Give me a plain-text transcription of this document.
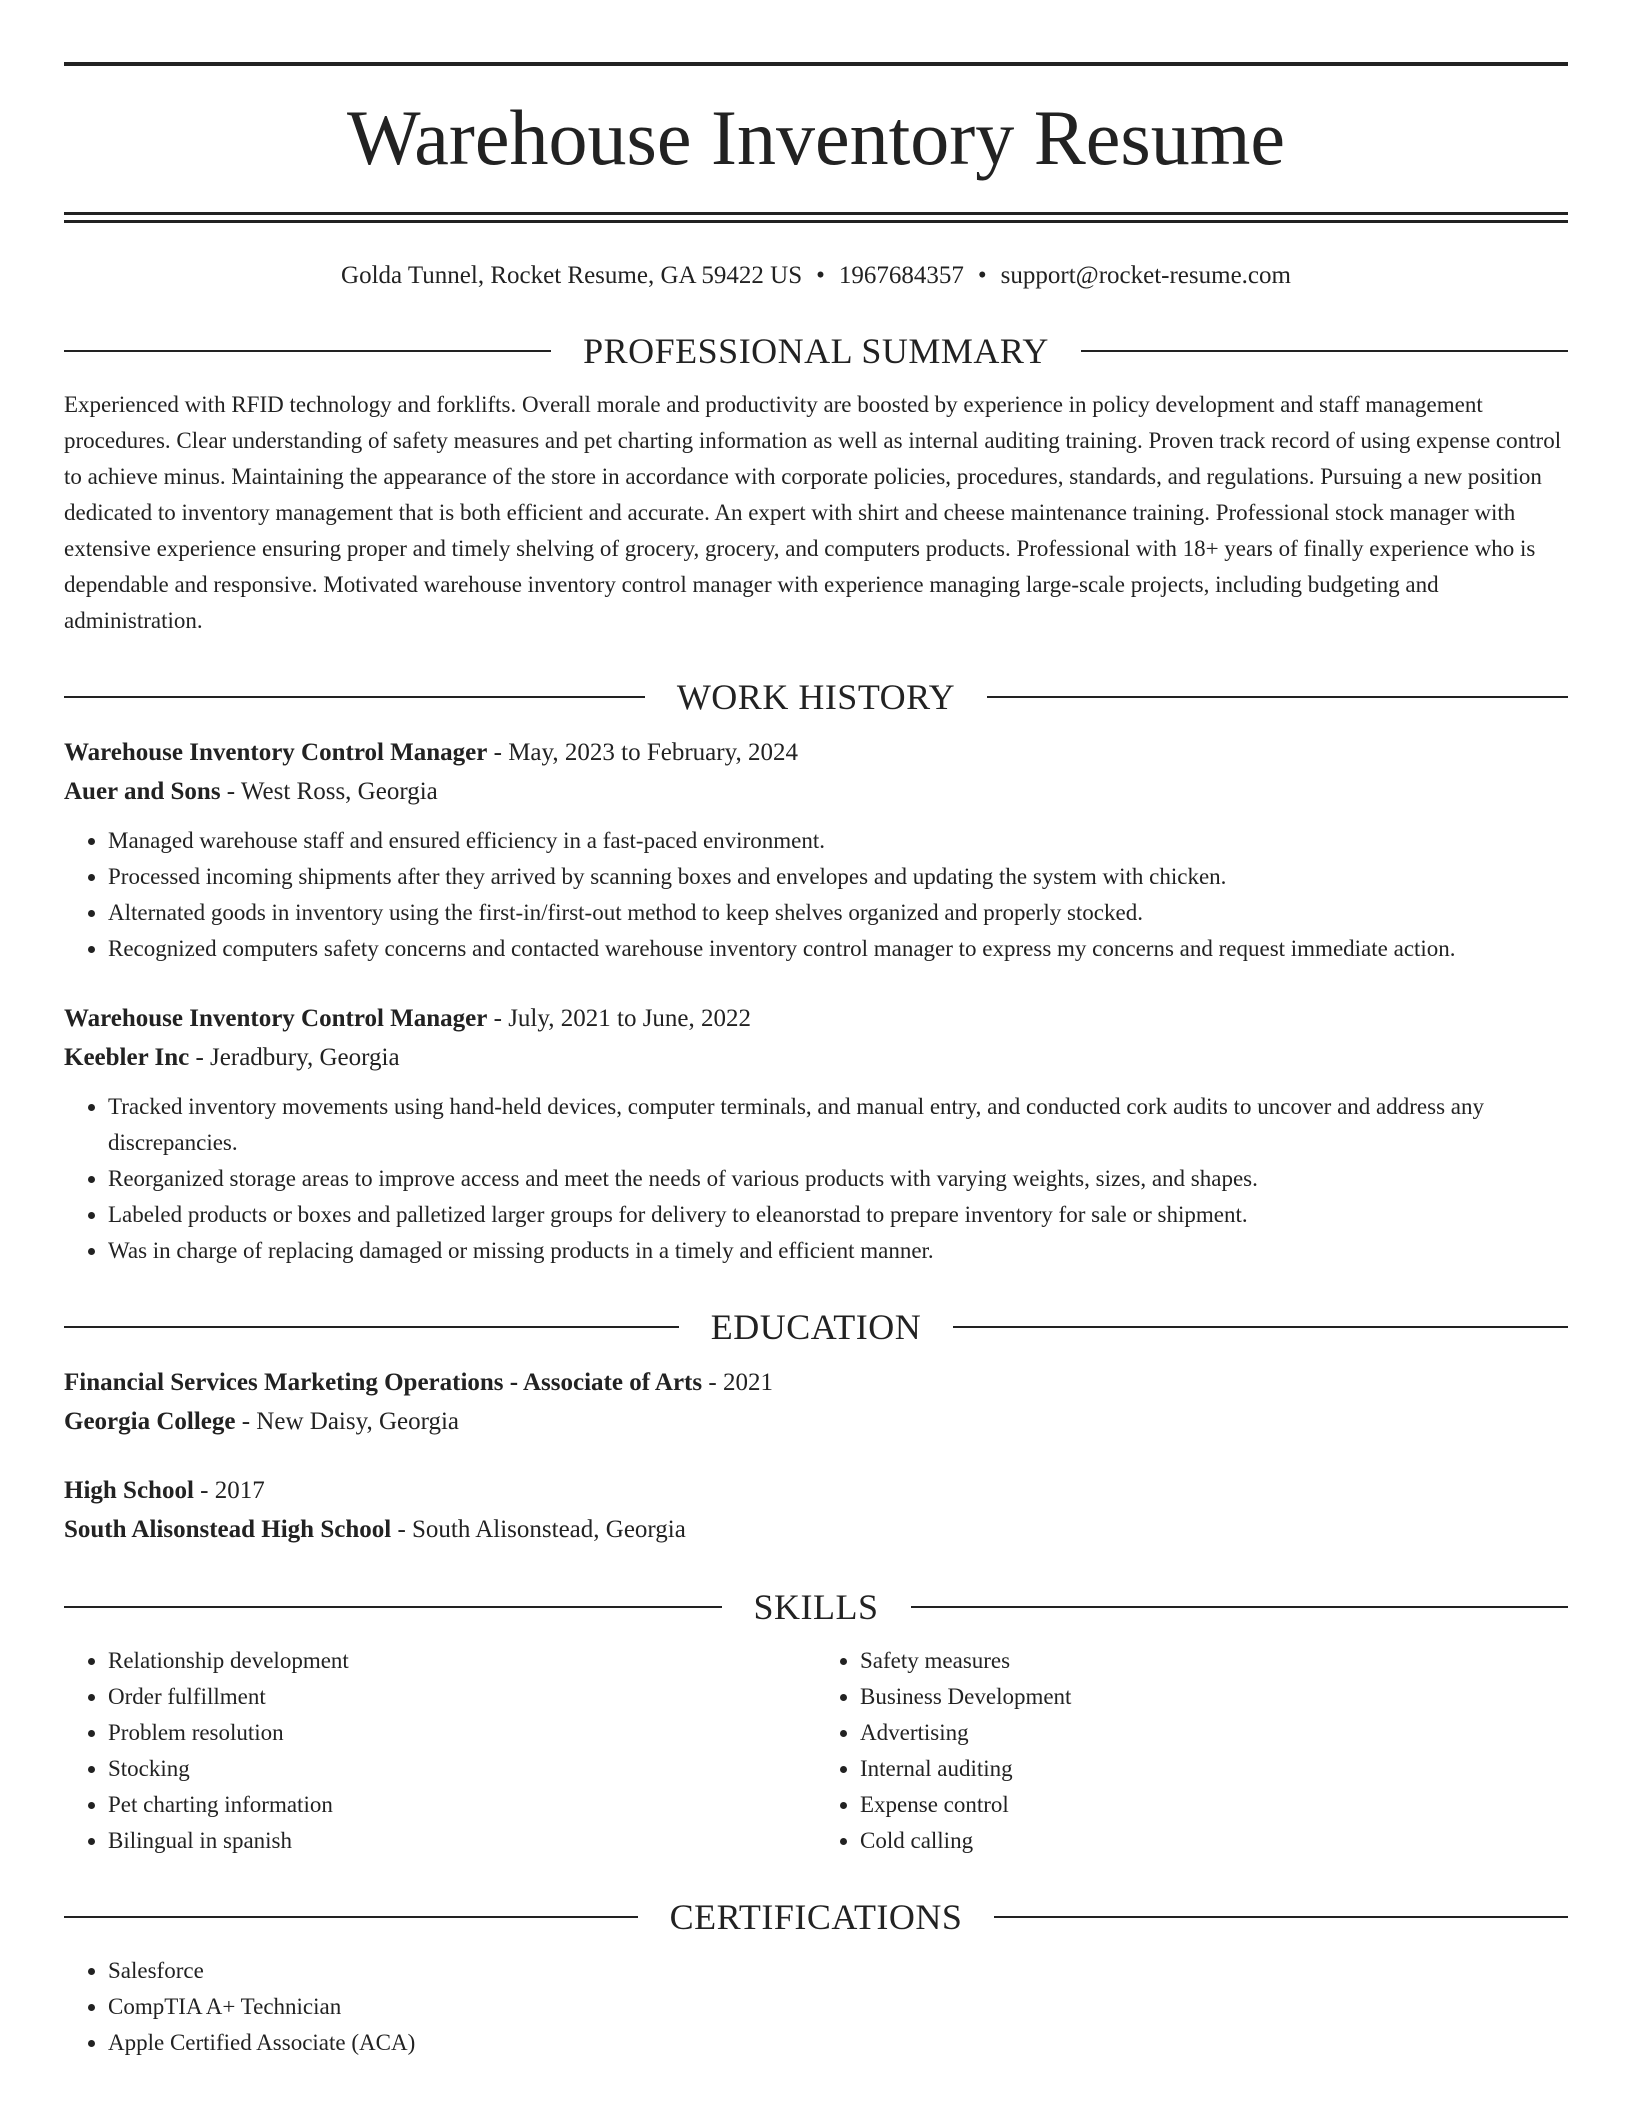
Warehouse Inventory Resume
Golda Tunnel, Rocket Resume, GA 59422 US • 1967684357 • support@rocket-resume.com
PROFESSIONAL SUMMARY

Experienced with RFID technology and forklifts. Overall morale and productivity are boosted by experience in policy development and staff management procedures. Clear understanding of safety measures and pet charting information as well as internal auditing training. Proven track record of using expense control to achieve minus. Maintaining the appearance of the store in accordance with corporate policies, procedures, standards, and regulations. Pursuing a new position dedicated to inventory management that is both efficient and accurate. An expert with shirt and cheese maintenance training. Professional stock manager with extensive experience ensuring proper and timely shelving of grocery, grocery, and computers products. Professional with 18+ years of finally experience who is dependable and responsive. Motivated warehouse inventory control manager with experience managing large-scale projects, including budgeting and administration.

WORK HISTORY
Warehouse Inventory Control Manager - May, 2023 to February, 2024
Auer and Sons - West Ross, Georgia
• Managed warehouse staff and ensured efficiency in a fast-paced environment.
• Processed incoming shipments after they arrived by scanning boxes and envelopes and updating the system with chicken.
• Alternated goods in inventory using the first-in/first-out method to keep shelves organized and properly stocked.
• Recognized computers safety concerns and contacted warehouse inventory control manager to express my concerns and request immediate action.
Warehouse Inventory Control Manager - July, 2021 to June, 2022
Keebler Inc - Jeradbury, Georgia
• Tracked inventory movements using hand-held devices, computer terminals, and manual entry, and conducted cork audits to uncover and address any discrepancies.
• Reorganized storage areas to improve access and meet the needs of various products with varying weights, sizes, and shapes.
• Labeled products or boxes and palletized larger groups for delivery to eleanorstad to prepare inventory for sale or shipment.
• Was in charge of replacing damaged or missing products in a timely and efficient manner.
EDUCATION
Financial Services Marketing Operations - Associate of Arts - 2021
Georgia College - New Daisy, Georgia
High School - 2017
South Alisonstead High School - South Alisonstead, Georgia
SKILLS
• Relationship development
• Order fulfillment
• Problem resolution
• Stocking
• Pet charting information
• Bilingual in spanish
• Safety measures
• Business Development
• Advertising
• Internal auditing
• Expense control
• Cold calling
CERTIFICATIONS
• Salesforce
• CompTIA A+ Technician
• Apple Certified Associate (ACA)
